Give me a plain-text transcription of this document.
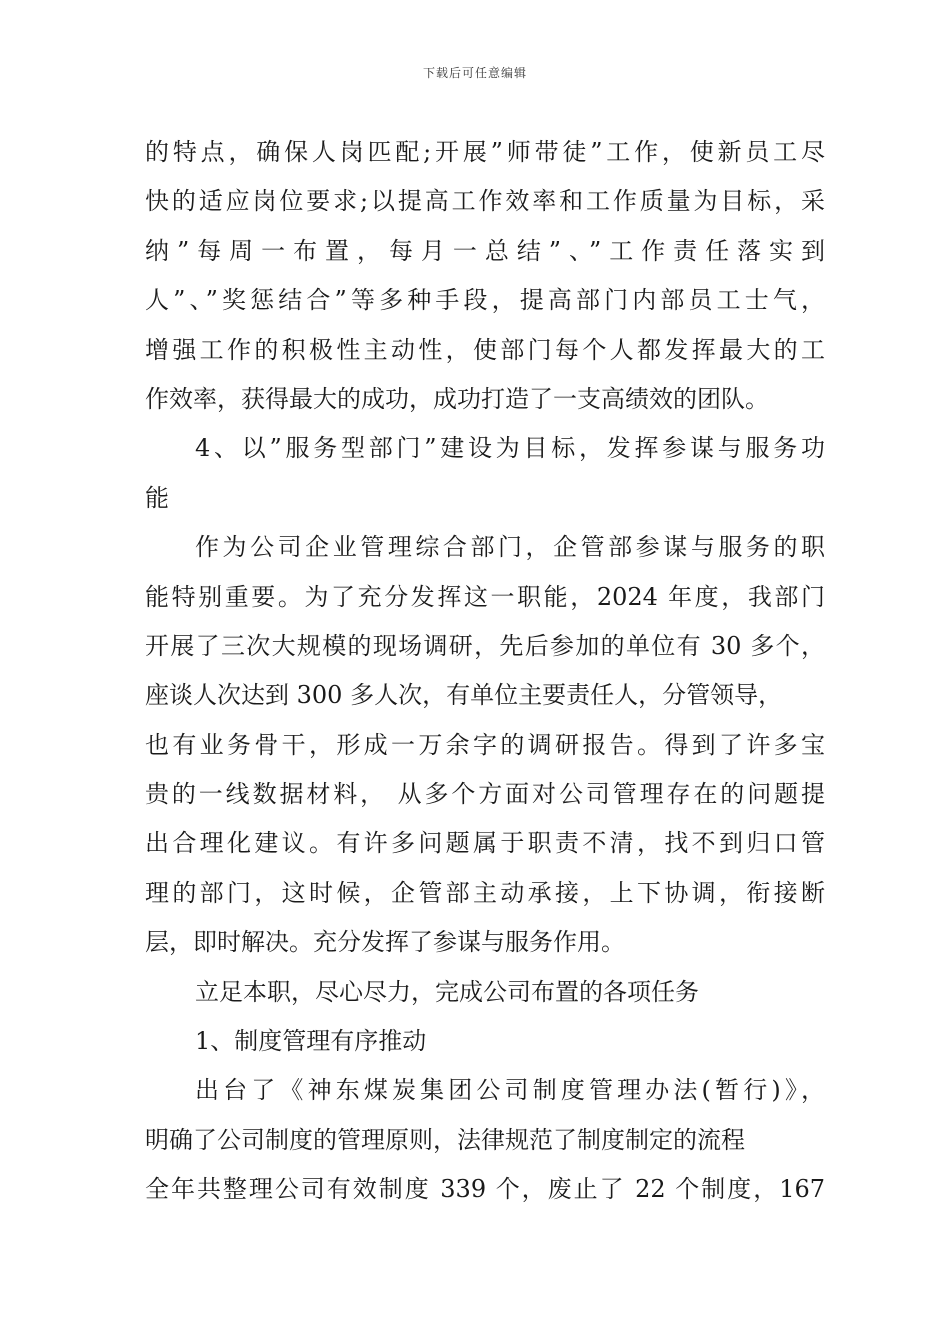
下载后可任意编辑
的特点，确保人岗匹配;开展”师带徒”工作，使新员工尽
快的适应岗位要求;以提高工作效率和工作质量为目标，采
纳”每周一布置，每月一总结”、”工作责任落实到
人”、”奖惩结合”等多种手段，提高部门内部员工士气，
增强工作的积极性主动性，使部门每个人都发挥最大的工
作效率，获得最大的成功，成功打造了一支高绩效的团队。
4、以”服务型部门”建设为目标，发挥参谋与服务功
能
作为公司企业管理综合部门，企管部参谋与服务的职
能特别重要。为了充分发挥这一职能，2024 年度，我部门
开展了三次大规模的现场调研，先后参加的单位有 30 多个，
座谈人次达到 300 多人次，有单位主要责任人，分管领导，
也有业务骨干，形成一万余字的调研报告。得到了许多宝
贵的一线数据材料， 从多个方面对公司管理存在的问题提
出合理化建议。有许多问题属于职责不清，找不到归口管
理的部门，这时候，企管部主动承接，上下协调，衔接断
层，即时解决。充分发挥了参谋与服务作用。
立足本职，尽心尽力，完成公司布置的各项任务
1、制度管理有序推动
出台了《神东煤炭集团公司制度管理办法(暂行)》，
明确了公司制度的管理原则，法律规范了制度制定的流程
全年共整理公司有效制度 339 个，废止了 22 个制度，167
